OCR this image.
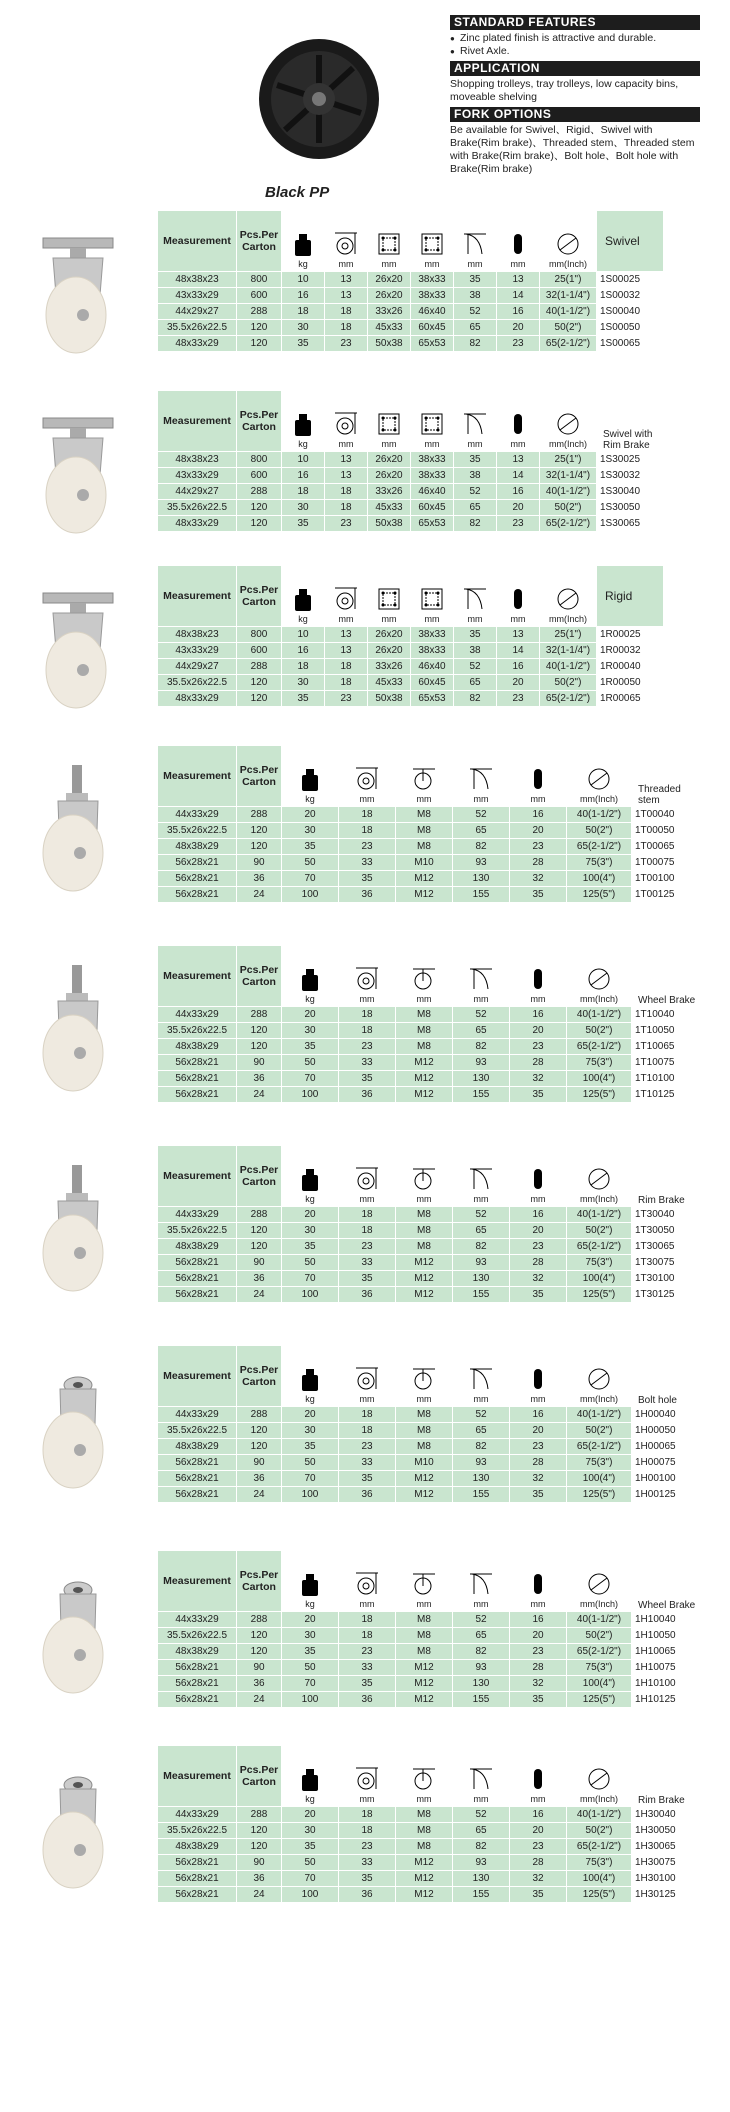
Black PP
STANDARD FEATURES
● Zinc plated finish is attractive and durable.
● Rivet Axle.
APPLICATION
Shopping trolleys, tray trolleys, low capacity bins, moveable shelving
FORK OPTIONS
Be available for Swivel、Rigid、Swivel with Brake(Rim brake)、Threaded stem、Threaded stem with Brake(Rim brake)、Bolt hole、Bolt hole with Brake(Rim brake)
Measurement	Pcs.Per Carton	kg	mm	mm	mm	mm	mm	mm(Inch)	Swivel
48x38x23	800	10	13	26x20	38x33	35	13	25(1")	1S00025
43x33x29	600	16	13	26x20	38x33	38	14	32(1-1/4")	1S00032
44x29x27	288	18	18	33x26	46x40	52	16	40(1-1/2")	1S00040
35.5x26x22.5	120	30	18	45x33	60x45	65	20	50(2")	1S00050
48x33x29	120	35	23	50x38	65x53	82	23	65(2-1/2")	1S00065
Measurement	Pcs.Per Carton	kg	mm	mm	mm	mm	mm	mm(Inch)	Swivel with Rim Brake
48x38x23	800	10	13	26x20	38x33	35	13	25(1")	1S30025
43x33x29	600	16	13	26x20	38x33	38	14	32(1-1/4")	1S30032
44x29x27	288	18	18	33x26	46x40	52	16	40(1-1/2")	1S30040
35.5x26x22.5	120	30	18	45x33	60x45	65	20	50(2")	1S30050
48x33x29	120	35	23	50x38	65x53	82	23	65(2-1/2")	1S30065
Measurement	Pcs.Per Carton	kg	mm	mm	mm	mm	mm	mm(Inch)	Rigid
48x38x23	800	10	13	26x20	38x33	35	13	25(1")	1R00025
43x33x29	600	16	13	26x20	38x33	38	14	32(1-1/4")	1R00032
44x29x27	288	18	18	33x26	46x40	52	16	40(1-1/2")	1R00040
35.5x26x22.5	120	30	18	45x33	60x45	65	20	50(2")	1R00050
48x33x29	120	35	23	50x38	65x53	82	23	65(2-1/2")	1R00065
Measurement	Pcs.Per Carton	kg	mm	mm	mm	mm	mm(Inch)	Threaded stem
44x33x29	288	20	18	M8	52	16	40(1-1/2")	1T00040
35.5x26x22.5	120	30	18	M8	65	20	50(2")	1T00050
48x38x29	120	35	23	M8	82	23	65(2-1/2")	1T00065
56x28x21	90	50	33	M10	93	28	75(3")	1T00075
56x28x21	36	70	35	M12	130	32	100(4")	1T00100
56x28x21	24	100	36	M12	155	35	125(5")	1T00125
Measurement	Pcs.Per Carton	kg	mm	mm	mm	mm	mm(Inch)	Wheel Brake
44x33x29	288	20	18	M8	52	16	40(1-1/2")	1T10040
35.5x26x22.5	120	30	18	M8	65	20	50(2")	1T10050
48x38x29	120	35	23	M8	82	23	65(2-1/2")	1T10065
56x28x21	90	50	33	M12	93	28	75(3")	1T10075
56x28x21	36	70	35	M12	130	32	100(4")	1T10100
56x28x21	24	100	36	M12	155	35	125(5")	1T10125
Measurement	Pcs.Per Carton	kg	mm	mm	mm	mm	mm(Inch)	Rim Brake
44x33x29	288	20	18	M8	52	16	40(1-1/2")	1T30040
35.5x26x22.5	120	30	18	M8	65	20	50(2")	1T30050
48x38x29	120	35	23	M8	82	23	65(2-1/2")	1T30065
56x28x21	90	50	33	M12	93	28	75(3")	1T30075
56x28x21	36	70	35	M12	130	32	100(4")	1T30100
56x28x21	24	100	36	M12	155	35	125(5")	1T30125
Measurement	Pcs.Per Carton	kg	mm	mm	mm	mm	mm(Inch)	Bolt hole
44x33x29	288	20	18	M8	52	16	40(1-1/2")	1H00040
35.5x26x22.5	120	30	18	M8	65	20	50(2")	1H00050
48x38x29	120	35	23	M8	82	23	65(2-1/2")	1H00065
56x28x21	90	50	33	M10	93	28	75(3")	1H00075
56x28x21	36	70	35	M12	130	32	100(4")	1H00100
56x28x21	24	100	36	M12	155	35	125(5")	1H00125
Measurement	Pcs.Per Carton	kg	mm	mm	mm	mm	mm(Inch)	Wheel Brake
44x33x29	288	20	18	M8	52	16	40(1-1/2")	1H10040
35.5x26x22.5	120	30	18	M8	65	20	50(2")	1H10050
48x38x29	120	35	23	M8	82	23	65(2-1/2")	1H10065
56x28x21	90	50	33	M12	93	28	75(3")	1H10075
56x28x21	36	70	35	M12	130	32	100(4")	1H10100
56x28x21	24	100	36	M12	155	35	125(5")	1H10125
Measurement	Pcs.Per Carton	kg	mm	mm	mm	mm	mm(Inch)	Rim Brake
44x33x29	288	20	18	M8	52	16	40(1-1/2")	1H30040
35.5x26x22.5	120	30	18	M8	65	20	50(2")	1H30050
48x38x29	120	35	23	M8	82	23	65(2-1/2")	1H30065
56x28x21	90	50	33	M12	93	28	75(3")	1H30075
56x28x21	36	70	35	M12	130	32	100(4")	1H30100
56x28x21	24	100	36	M12	155	35	125(5")	1H30125
